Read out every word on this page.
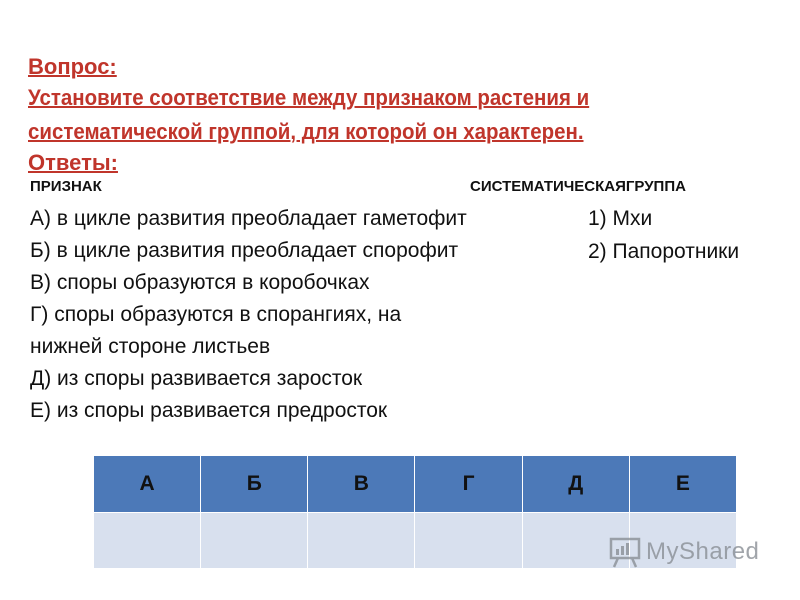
Вопрос:
Установите соответствие между признаком растения и
систематической группой, для которой он характерен.
Ответы:
ПРИЗНАК	СИСТЕМАТИЧЕСКАЯГРУППА
А) в цикле развития преобладает гаметофит
Б) в цикле развития преобладает спорофит
В) споры образуются в коробочках
Г) споры образуются в спорангиях, на
нижней стороне листьев
Д) из споры развивается заросток
Е) из споры развивается предросток
1) Мхи
2) Папоротники
А	Б	В	Г	Д	Е

MyShared
